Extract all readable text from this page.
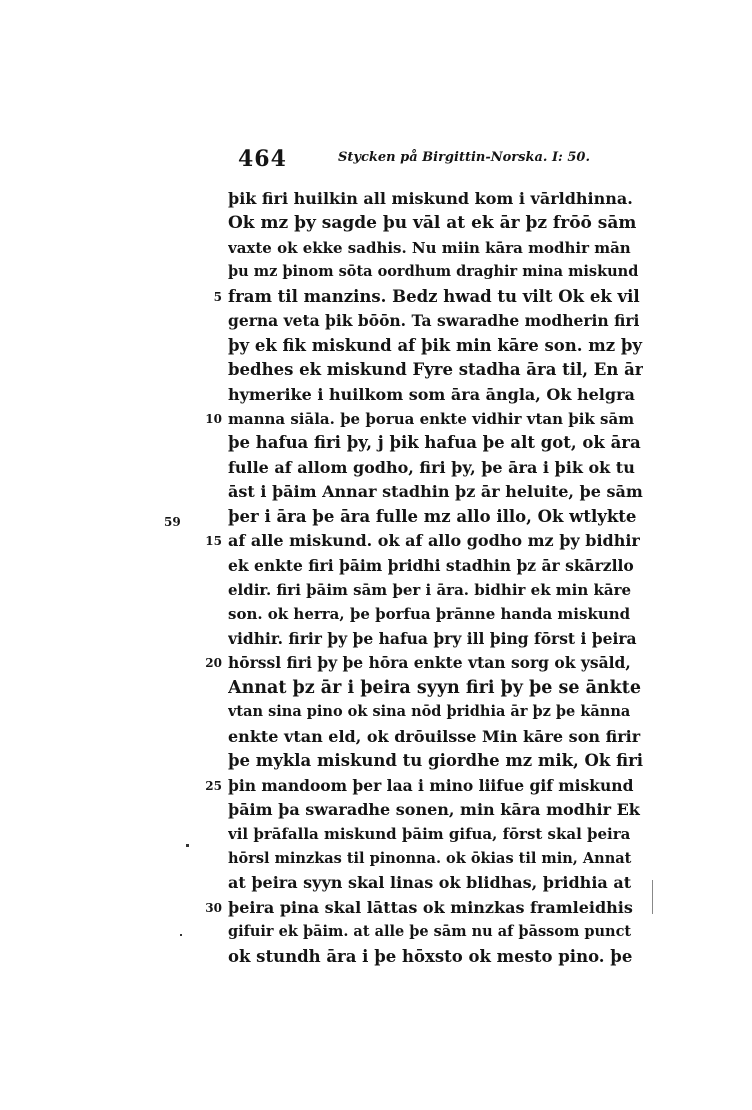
464	Stycken på Birgittin-Norska. I: 50.
þik firi huilkin all miskund kom i vārldhinna.
Ok mz þy sagde þu vāl at ek ār þz frōō sām
vaxte ok ekke sadhis. Nu miin kāra modhir mān
þu mz þinom sōta oordhum draghir mina miskund
fram til manzins. Bedz hwad tu vilt Ok ek vil
5
gerna veta þik bōōn. Ta swaradhe modherin firi
þy ek fik miskund af þik min kāre son. mz þy
bedhes ek miskund Fyre stadha āra til, En ār
hymerike i huilkom som āra āngla, Ok helgra
manna siāla. þe þorua enkte vidhir vtan þik sām
10
þe hafua firi þy, j þik hafua þe alt got, ok āra
fulle af allom godho, firi þy, þe āra i þik ok tu
āst i þāim Annar stadhin þz ār heluite, þe sām
þer i āra þe āra fulle mz allo illo, Ok wtlykte
af alle miskund. ok af allo godho mz þy bidhir
15
ek enkte firi þāim þridhi stadhin þz ār skārzllo
eldir. firi þāim sām þer i āra. bidhir ek min kāre
son. ok herra, þe þorfua þrānne handa miskund
vidhir. firir þy þe hafua þry ill þing fōrst i þeira
hōrssl firi þy þe hōra enkte vtan sorg ok ysāld,
20
Annat þz ār i þeira syyn firi þy þe se ānkte
vtan sina pino ok sina nōd þridhia ār þz þe kānna
enkte vtan eld, ok drōuilsse Min kāre son firir
þe mykla miskund tu giordhe mz mik, Ok firi
þin mandoom þer laa i mino liifue gif miskund
25
þāim þa swaradhe sonen, min kāra modhir Ek
vil þrāfalla miskund þāim gifua, fōrst skal þeira
hōrsl minzkas til pinonna. ok ōkias til min, Annat
at þeira syyn skal linas ok blidhas, þridhia at
þeira pina skal lāttas ok minzkas framleidhis
30
gifuir ek þāim. at alle þe sām nu af þāssom punct
ok stundh āra i þe hōxsto ok mesto pino. þe
59
